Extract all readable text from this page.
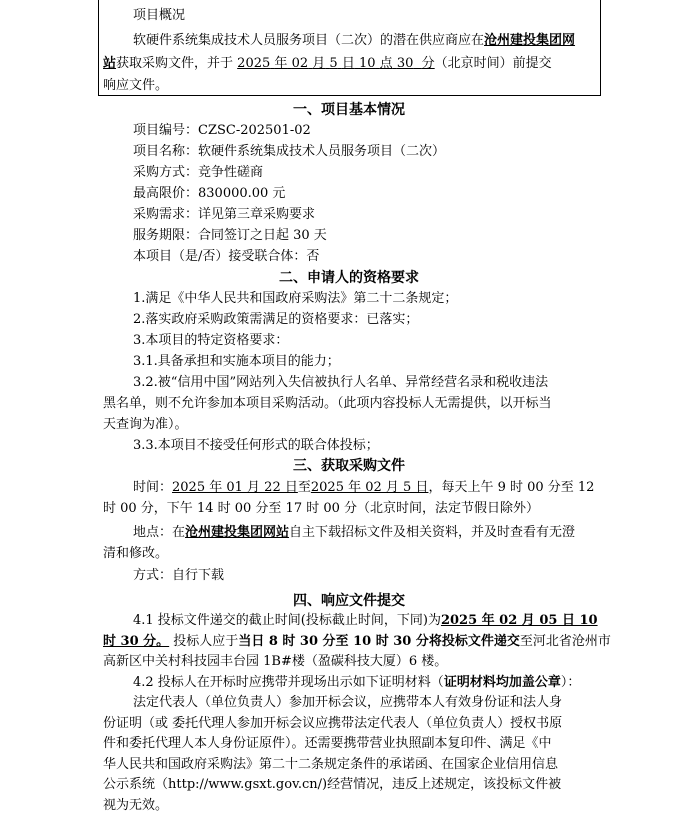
项目概况
软硬件系统集成技术人员服务项目（二次）的潜在供应商应在沧州建投集团网
站获取采购文件，并于 2025 年 02 月 5 日 10 点 30 分（北京时间）前提交
响应文件。
一、项目基本情况
项目编号：CZSC-202501-02
项目名称：软硬件系统集成技术人员服务项目（二次）
采购方式：竞争性磋商
最高限价：830000.00 元
采购需求：详见第三章采购要求
服务期限：合同签订之日起 30 天
本项目（是/否）接受联合体：否
二、申请人的资格要求
1.满足《中华人民共和国政府采购法》第二十二条规定；
2.落实政府采购政策需满足的资格要求：已落实；
3.本项目的特定资格要求：
3.1.具备承担和实施本项目的能力；
3.2.被“信用中国”网站列入失信被执行人名单、异常经营名录和税收违法
黑名单，则不允许参加本项目采购活动。（此项内容投标人无需提供，以开标当
天查询为准）。
3.3.本项目不接受任何形式的联合体投标；
三、获取采购文件
时间：2025 年 01 月 22 日至2025 年 02 月 5 日，每天上午 9 时 00 分至 12
时 00 分，下午 14 时 00 分至 17 时 00 分（北京时间，法定节假日除外）
地点：在沧州建投集团网站自主下载招标文件及相关资料，并及时查看有无澄
清和修改。
方式：自行下载
四、响应文件提交
4.1 投标文件递交的截止时间(投标截止时间，下同)为2025 年 02 月 05 日 10
时 30 分。 投标人应于当日 8 时 30 分至 10 时 30 分将投标文件递交至河北省沧州市
高新区中关村科技园丰台园 1B#楼（盈碳科技大厦）6 楼。
4.2 投标人在开标时应携带并现场出示如下证明材料（证明材料均加盖公章）：
法定代表人（单位负责人）参加开标会议，应携带本人有效身份证和法人身
份证明（或 委托代理人参加开标会议应携带法定代表人（单位负责人）授权书原
件和委托代理人本人身份证原件）。还需要携带营业执照副本复印件、满足《中
华人民共和国政府采购法》第二十二条规定条件的承诺函、在国家企业信用信息
公示系统（http://www.gsxt.gov.cn/)经营情况，违反上述规定，该投标文件被
视为无效。
